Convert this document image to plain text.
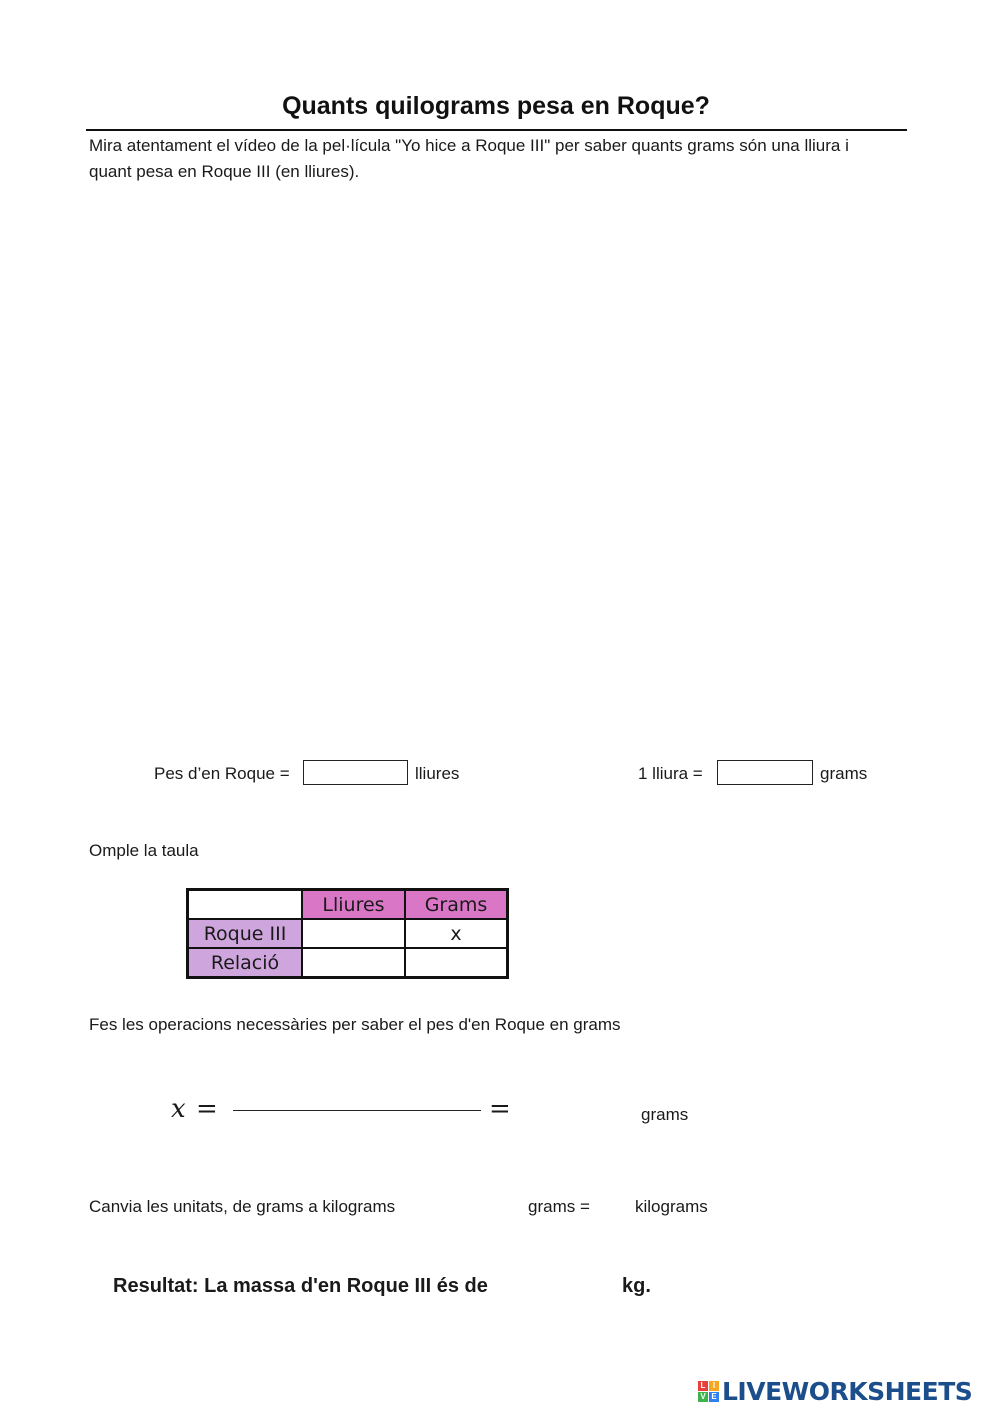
Quants quilograms pesa en Roque?
Mira atentament el vídeo de la pel·lícula "Yo hice a Roque III" per saber quants grams són una lliura i quant pesa en Roque III (en lliures).
Pes d’en Roque =	lliures	1 lliura =	grams
Omple la taula
	Lliures	Grams
Roque III		x
Relació		
Fes les operacions necessàries per saber el pes d'en Roque en grams
x =	=	grams
Canvia les unitats, de grams a kilograms	grams =	kilograms
Resultat: La massa d'en Roque III és de	kg.
L I
V E LIVEWORKSHEETS
